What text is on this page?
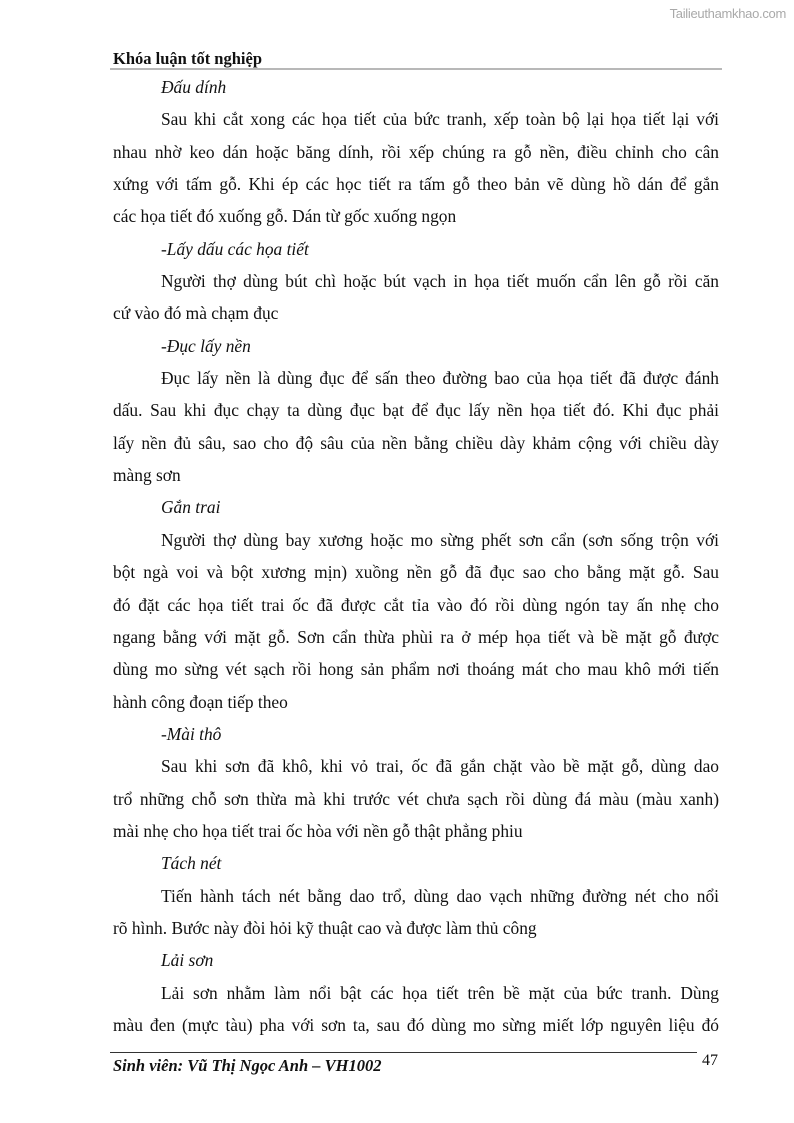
Tailieuthamkhao.com
Khóa luận tốt nghiệp
Đấu dính
Sau khi cắt xong các họa tiết của bức tranh, xếp toàn bộ lại họa tiết lại với
nhau nhờ keo dán hoặc băng dính, rồi xếp chúng ra gỗ nền, điều chỉnh cho cân
xứng với tấm gỗ. Khi ép các học tiết ra tấm gỗ theo bản vẽ dùng hồ dán để gắn
các họa tiết đó xuống gỗ. Dán từ gốc xuống ngọn
-Lấy dấu các họa tiết
Người thợ dùng bút chì hoặc bút vạch in họa tiết muốn cẩn lên gỗ rồi căn
cứ vào đó mà chạm đục
-Đục lấy nền
Đục lấy nền là dùng đục để sấn theo đường bao của họa tiết đã được đánh
dấu. Sau khi đục chạy ta dùng đục bạt để đục lấy nền họa tiết đó. Khi đục phải
lấy nền đủ sâu, sao cho độ sâu của nền bằng chiều dày khảm cộng với chiều dày
màng sơn
Gắn trai
Người thợ dùng bay xương hoặc mo sừng phết sơn cẩn (sơn sống trộn với
bột ngà voi và bột xương mịn) xuồng nền gỗ đã đục sao cho bằng mặt gỗ. Sau
đó đặt các họa tiết trai ốc đã được cắt tỉa vào đó rồi dùng ngón tay ấn nhẹ cho
ngang bằng với mặt gỗ. Sơn cẩn thừa phùi ra ở mép họa tiết và bề mặt gỗ được
dùng mo sừng vét sạch rồi hong sản phẩm nơi thoáng mát cho mau khô mới tiến
hành công đoạn tiếp theo
-Mài thô
Sau khi sơn đã khô, khi vỏ trai, ốc đã gắn chặt vào bề mặt gỗ, dùng dao
trổ những chỗ sơn thừa mà khi trước vét chưa sạch rồi dùng đá màu (màu xanh)
mài nhẹ cho họa tiết trai ốc hòa với nền gỗ thật phẳng phiu
Tách nét
Tiến hành tách nét bằng dao trổ, dùng dao vạch những đường nét cho nổi
rõ hình. Bước này đòi hỏi kỹ thuật cao và được làm thủ công
Lải sơn
Lải sơn nhằm làm nổi bật các họa tiết trên bề mặt của bức tranh. Dùng
màu đen (mực tàu) pha với sơn ta, sau đó dùng mo sừng miết lớp nguyên liệu đó
Sinh viên: Vũ Thị Ngọc Anh – VH1002	47
